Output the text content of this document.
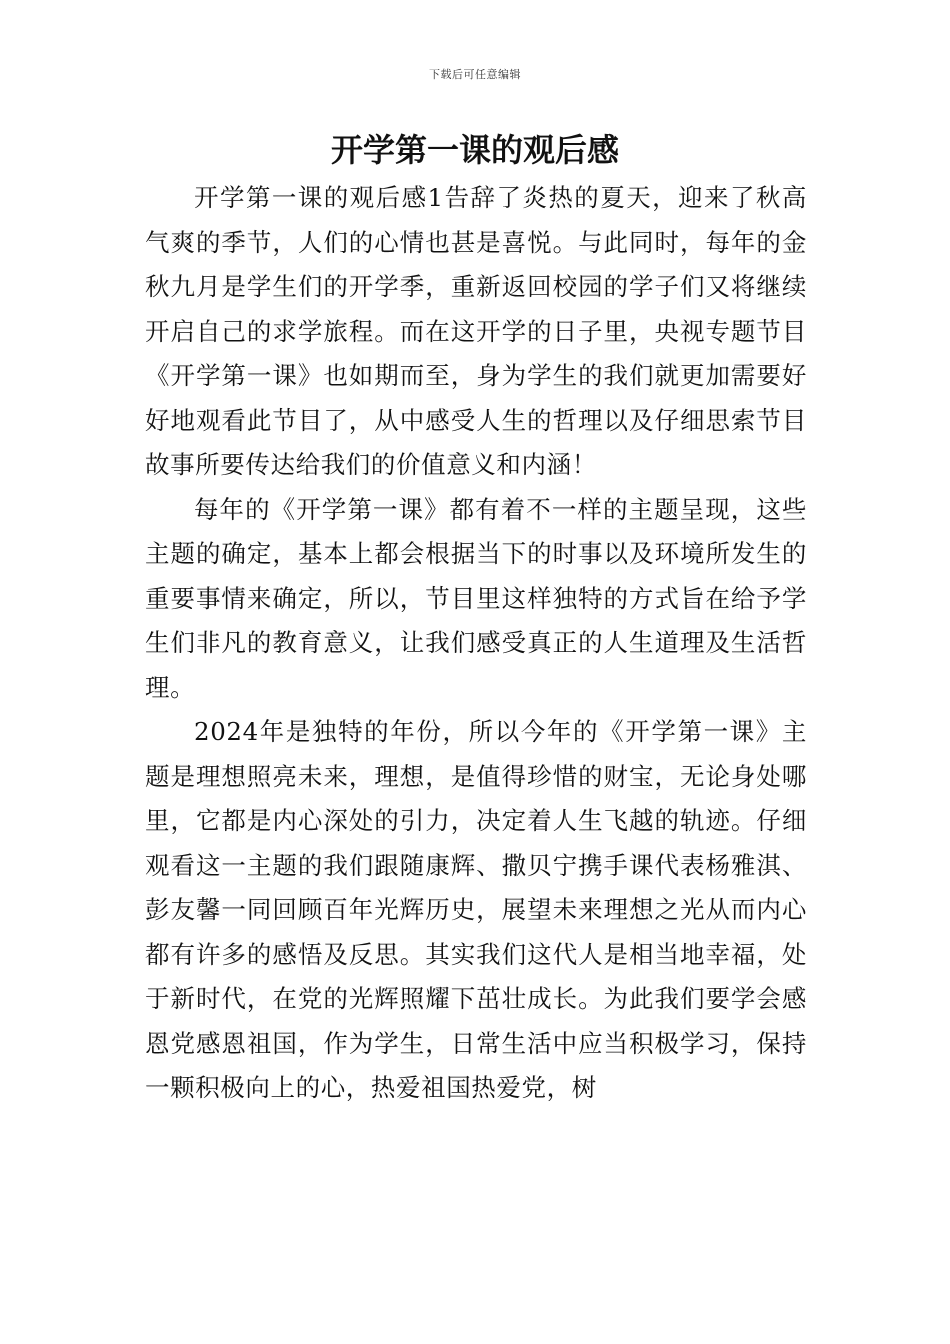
下载后可任意编辑
开学第一课的观后感

开学第一课的观后感1告辞了炎热的夏天，迎来了秋高气爽的季节，人们的心情也甚是喜悦。与此同时，每年的金秋九月是学生们的开学季，重新返回校园的学子们又将继续开启自己的求学旅程。而在这开学的日子里，央视专题节目《开学第一课》也如期而至，身为学生的我们就更加需要好好地观看此节目了，从中感受人生的哲理以及仔细思索节目故事所要传达给我们的价值意义和内涵！

每年的《开学第一课》都有着不一样的主题呈现，这些主题的确定，基本上都会根据当下的时事以及环境所发生的重要事情来确定，所以，节目里这样独特的方式旨在给予学生们非凡的教育意义，让我们感受真正的人生道理及生活哲理。

2024年是独特的年份，所以今年的《开学第一课》主题是理想照亮未来，理想，是值得珍惜的财宝，无论身处哪里，它都是内心深处的引力，决定着人生飞越的轨迹。仔细观看这一主题的我们跟随康辉、撒贝宁携手课代表杨雅淇、彭友馨一同回顾百年光辉历史，展望未来理想之光从而内心都有许多的感悟及反思。其实我们这代人是相当地幸福，处于新时代，在党的光辉照耀下茁壮成长。为此我们要学会感恩党感恩祖国，作为学生，日常生活中应当积极学习，保持一颗积极向上的心，热爱祖国热爱党，树
